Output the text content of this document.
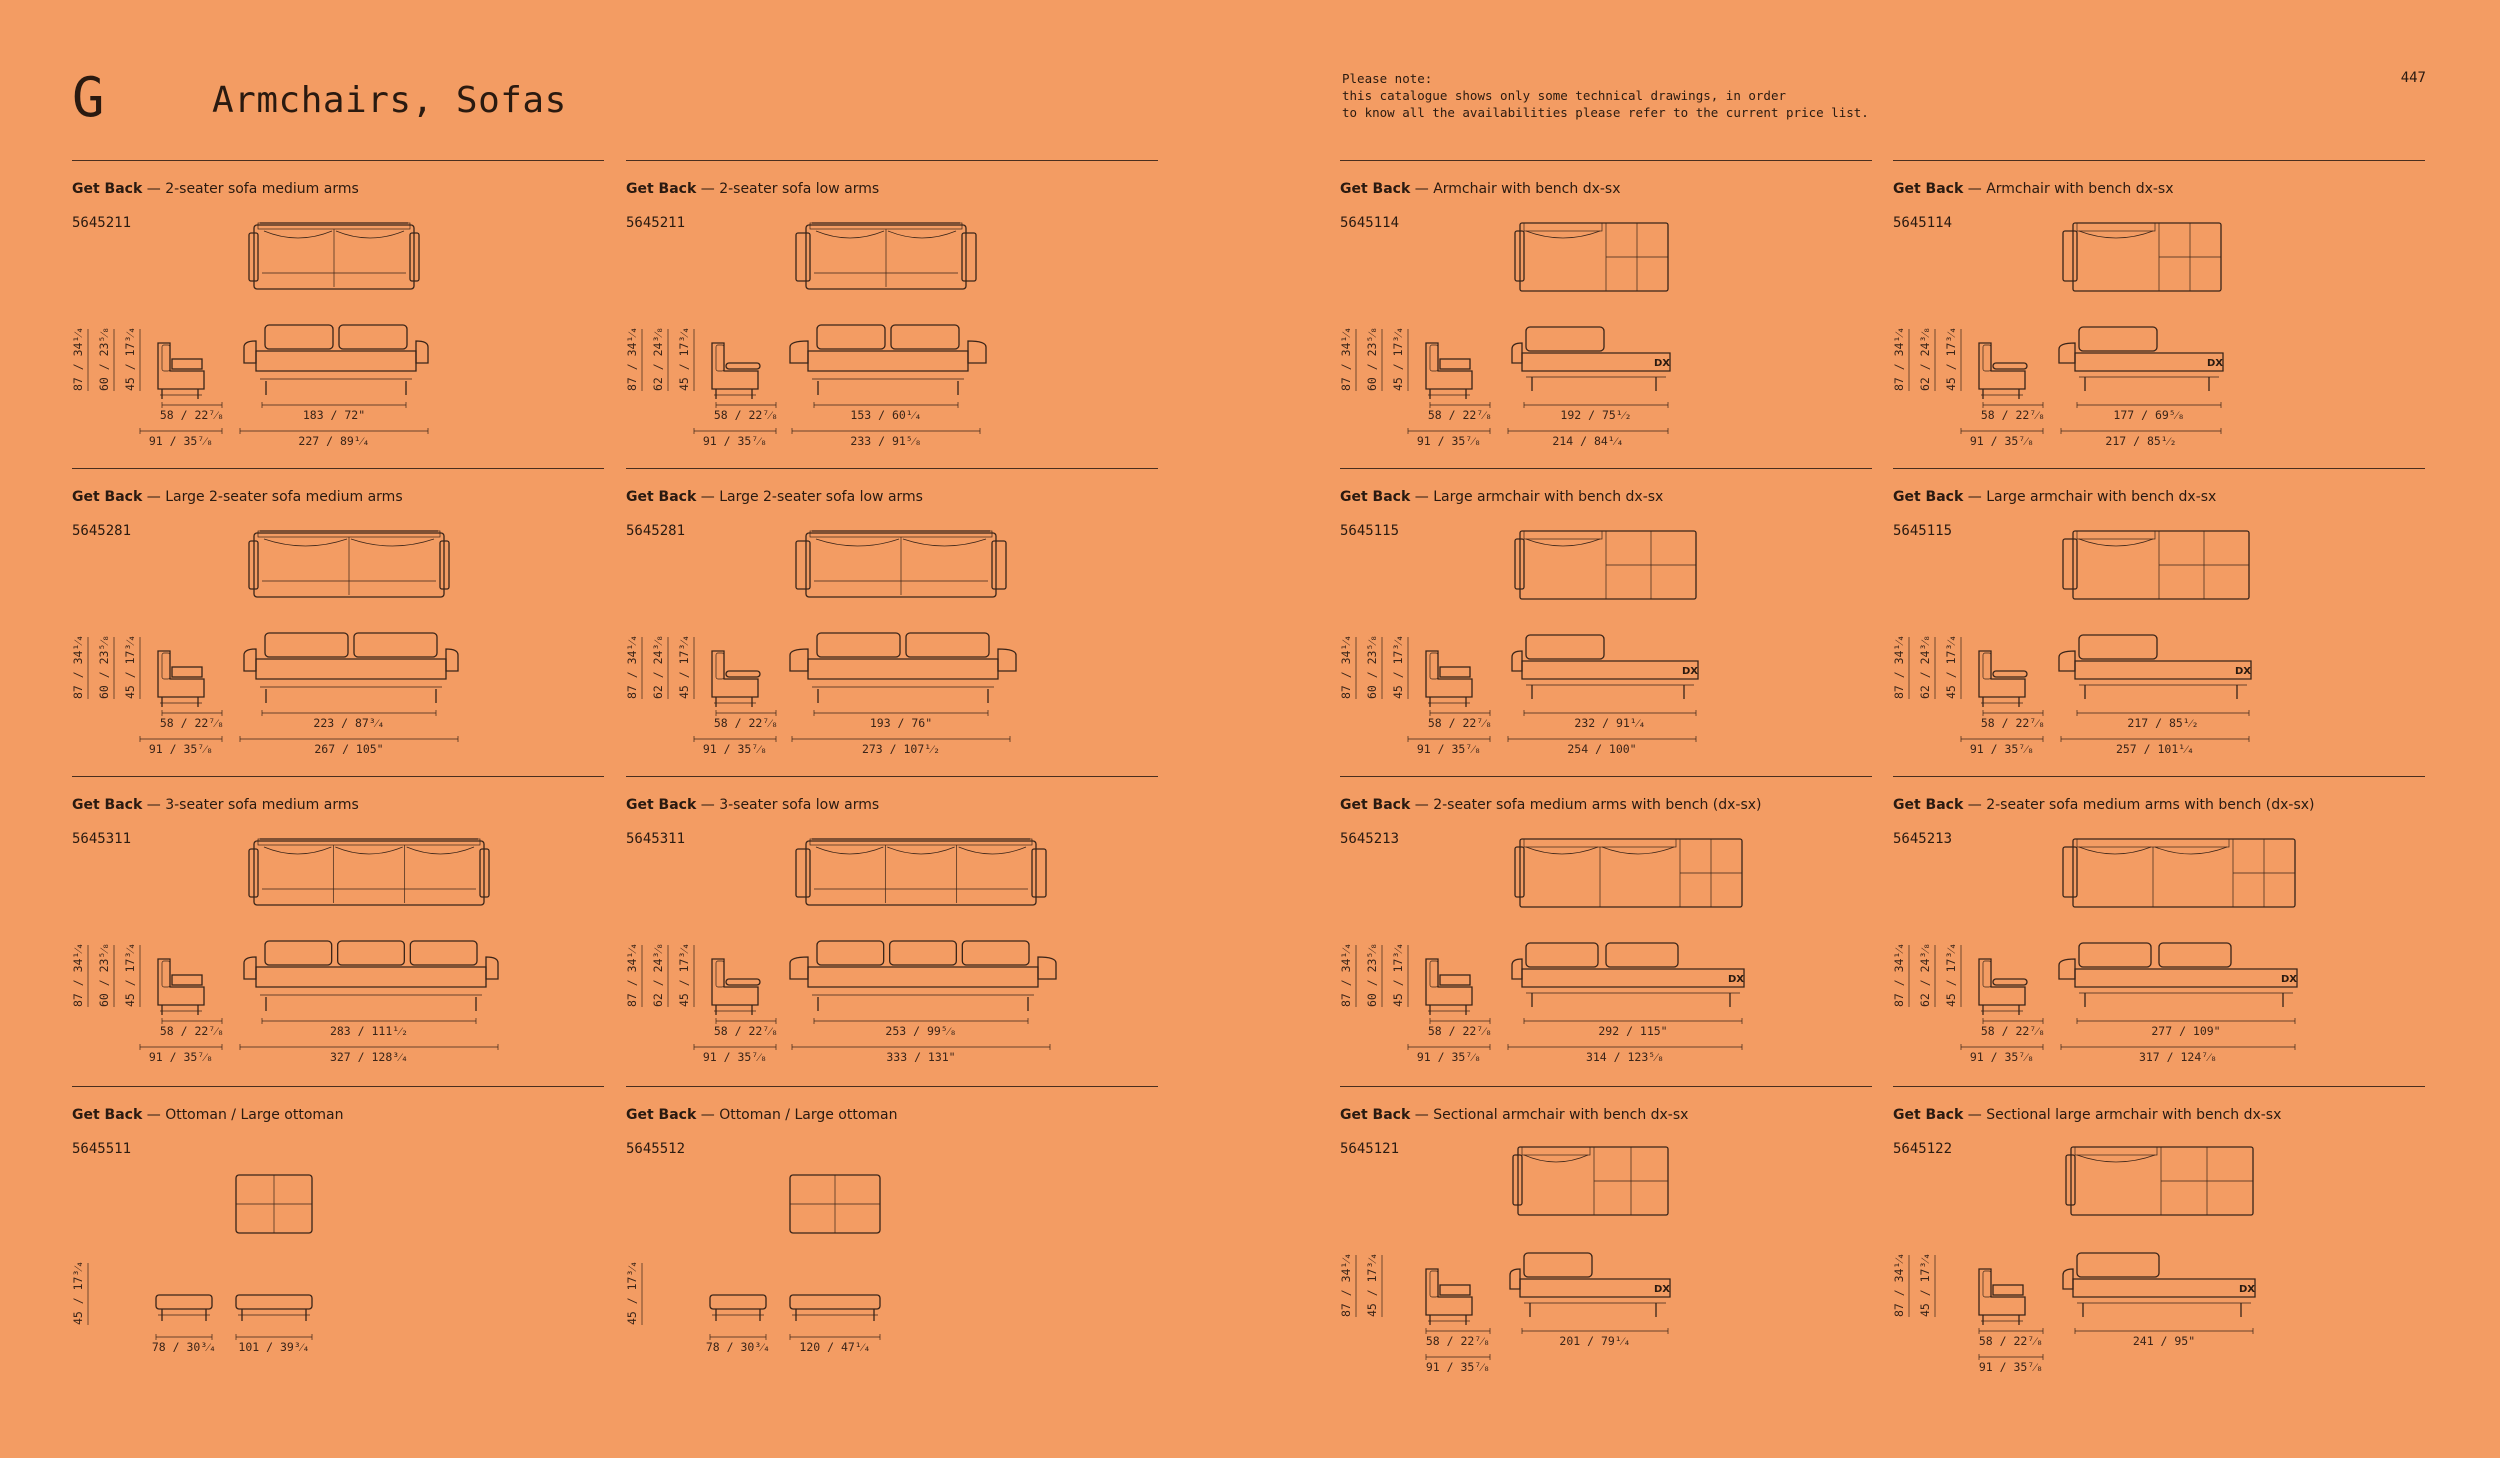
G	Armchairs, Sofas
Please note:
this catalogue shows only some technical drawings, in order
to know all the availabilities please refer to the current price list.
447
Get Back — 2-seater sofa medium arms
5645211
87 / 34¹⁄₄ 60 / 23⁵⁄₈ 45 / 17³⁄₄
58 / 22⁷⁄₈
91 / 35⁷⁄₈
183 / 72"
227 / 89¹⁄₄
Get Back — 2-seater sofa low arms
5645211
87 / 34¹⁄₄ 62 / 24³⁄₈ 45 / 17³⁄₄
58 / 22⁷⁄₈
91 / 35⁷⁄₈
153 / 60¹⁄₄
233 / 91⁵⁄₈
Get Back — Armchair with bench dx-sx
5645114
DX
87 / 34¹⁄₄ 60 / 23⁵⁄₈ 45 / 17³⁄₄
58 / 22⁷⁄₈
91 / 35⁷⁄₈
192 / 75¹⁄₂
214 / 84¹⁄₄
Get Back — Armchair with bench dx-sx
5645114
DX
87 / 34¹⁄₄ 62 / 24³⁄₈ 45 / 17³⁄₄
58 / 22⁷⁄₈
91 / 35⁷⁄₈
177 / 69⁵⁄₈
217 / 85¹⁄₂
Get Back — Large 2-seater sofa medium arms
5645281
87 / 34¹⁄₄ 60 / 23⁵⁄₈ 45 / 17³⁄₄
58 / 22⁷⁄₈
91 / 35⁷⁄₈
223 / 87³⁄₄
267 / 105"
Get Back — Large 2-seater sofa low arms
5645281
87 / 34¹⁄₄ 62 / 24³⁄₈ 45 / 17³⁄₄
58 / 22⁷⁄₈
91 / 35⁷⁄₈
193 / 76"
273 / 107¹⁄₂
Get Back — Large armchair with bench dx-sx
5645115
DX
87 / 34¹⁄₄ 60 / 23⁵⁄₈ 45 / 17³⁄₄
58 / 22⁷⁄₈
91 / 35⁷⁄₈
232 / 91¹⁄₄
254 / 100"
Get Back — Large armchair with bench dx-sx
5645115
DX
87 / 34¹⁄₄ 62 / 24³⁄₈ 45 / 17³⁄₄
58 / 22⁷⁄₈
91 / 35⁷⁄₈
217 / 85¹⁄₂
257 / 101¹⁄₄
Get Back — 3-seater sofa medium arms
5645311
87 / 34¹⁄₄ 60 / 23⁵⁄₈ 45 / 17³⁄₄
58 / 22⁷⁄₈
91 / 35⁷⁄₈
283 / 111¹⁄₂
327 / 128³⁄₄
Get Back — 3-seater sofa low arms
5645311
87 / 34¹⁄₄ 62 / 24³⁄₈ 45 / 17³⁄₄
58 / 22⁷⁄₈
91 / 35⁷⁄₈
253 / 99⁵⁄₈
333 / 131"
Get Back — 2-seater sofa medium arms with bench (dx-sx)
5645213
DX
87 / 34¹⁄₄ 60 / 23⁵⁄₈ 45 / 17³⁄₄
58 / 22⁷⁄₈
91 / 35⁷⁄₈
292 / 115"
314 / 123⁵⁄₈
Get Back — 2-seater sofa medium arms with bench (dx-sx)
5645213
DX
87 / 34¹⁄₄ 62 / 24³⁄₈ 45 / 17³⁄₄
58 / 22⁷⁄₈
91 / 35⁷⁄₈
277 / 109"
317 / 124⁷⁄₈
Get Back — Ottoman / Large ottoman
5645511
45 / 17³⁄₄
78 / 30³⁄₄ 101 / 39³⁄₄
Get Back — Ottoman / Large ottoman
5645512
45 / 17³⁄₄
78 / 30³⁄₄	120 / 47¹⁄₄
Get Back — Sectional armchair with bench dx-sx
5645121
DX
87 / 34¹⁄₄ 45 / 17³⁄₄
58 / 22⁷⁄₈
91 / 35⁷⁄₈
201 / 79¹⁄₄
Get Back — Sectional large armchair with bench dx-sx
5645122
DX
87 / 34¹⁄₄ 45 / 17³⁄₄
58 / 22⁷⁄₈
91 / 35⁷⁄₈
241 / 95"
